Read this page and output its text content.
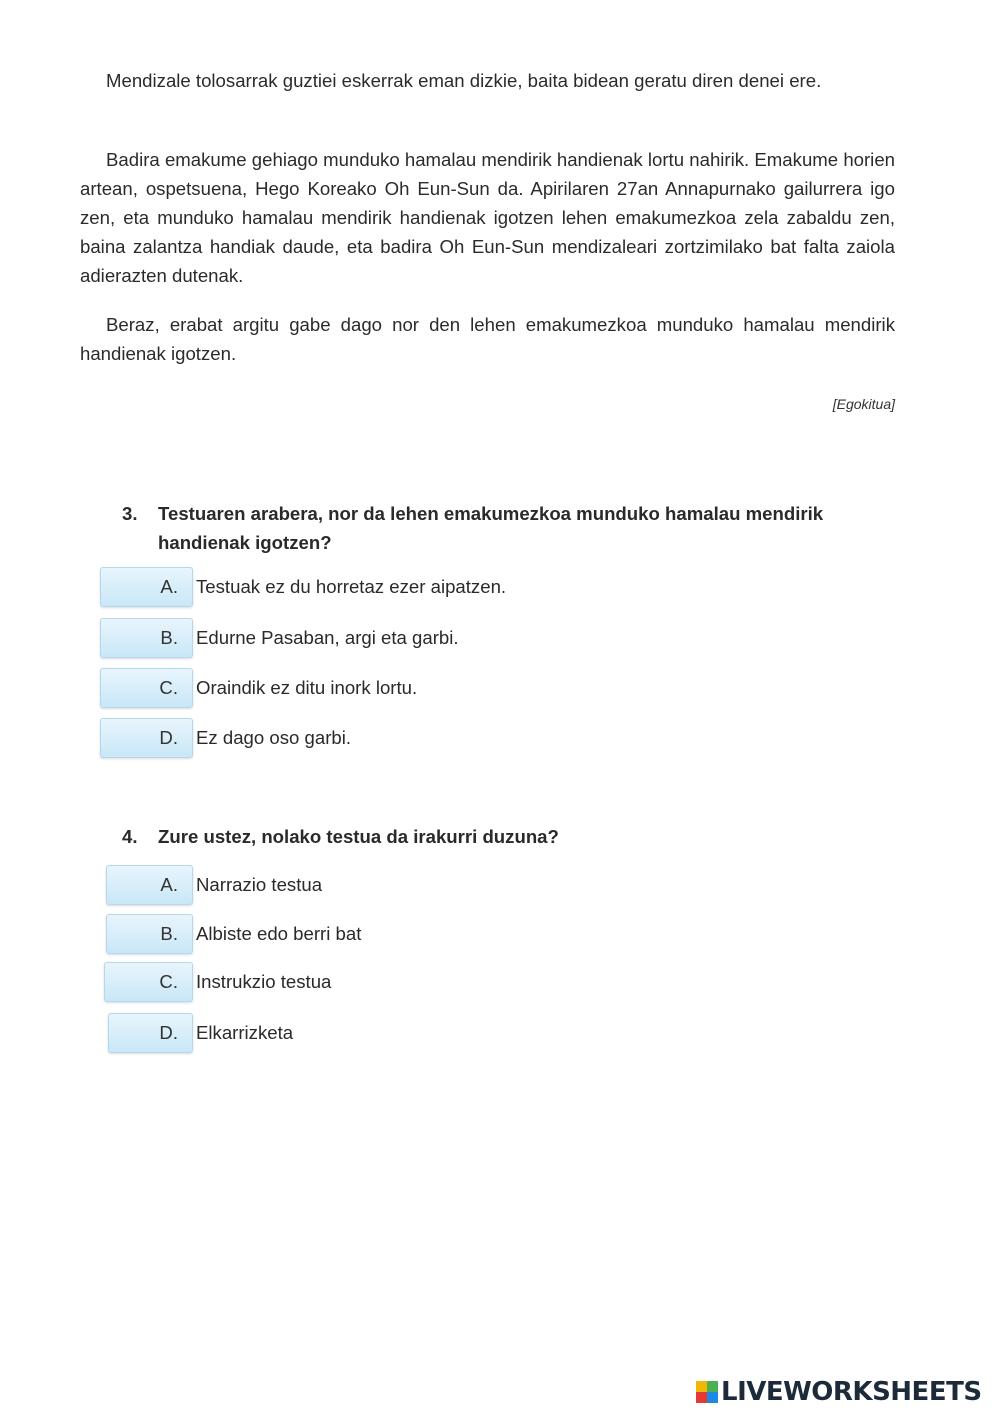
Mendizale tolosarrak guztiei eskerrak eman dizkie, baita bidean geratu diren denei ere.

Badira emakume gehiago munduko hamalau mendirik handienak lortu nahirik. Emakume horien artean, ospetsuena, Hego Koreako Oh Eun-Sun da. Apirilaren 27an Annapurnako gailurrera igo zen, eta munduko hamalau mendirik handienak igotzen lehen emakumezkoa zela zabaldu zen, baina zalantza handiak daude, eta badira Oh Eun-Sun mendizaleari zortzimilako bat falta zaiola adierazten dutenak.

Beraz, erabat argitu gabe dago nor den lehen emakumezkoa munduko hamalau mendirik handienak igotzen.

[Egokitua]
3.	Testuaren arabera, nor da lehen emakumezkoa munduko hamalau mendirik handienak igotzen?
A. Testuak ez du horretaz ezer aipatzen.
B. Edurne Pasaban, argi eta garbi.
C. Oraindik ez ditu inork lortu.
D. Ez dago oso garbi.
4.	Zure ustez, nolako testua da irakurri duzuna?
A. Narrazio testua
B. Albiste edo berri bat
C. Instrukzio testua
D. Elkarrizketa
LIVEWORKSHEETS
